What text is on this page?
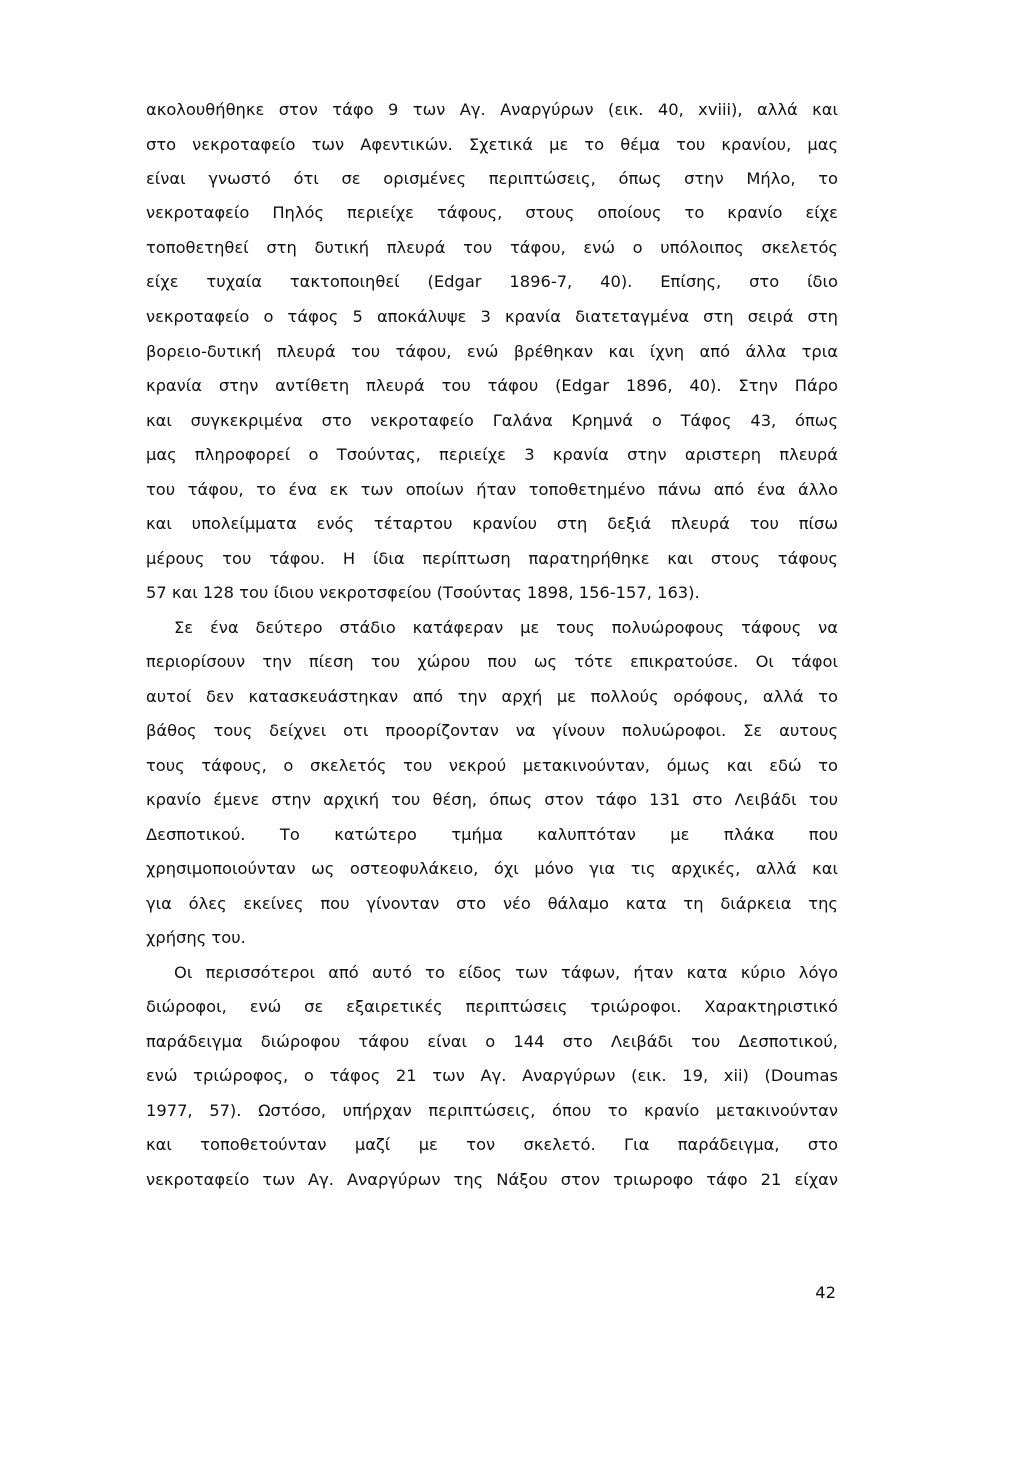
ακολουθήθηκε στον τάφο 9 των Αγ. Αναργύρων (εικ. 40, xviii), αλλά και
στο νεκροταφείο των Αφεντικών. Σχετικά με το θέμα του κρανίου, μας
είναι γνωστό ότι σε ορισμένες περιπτώσεις, όπως στην Μήλο, το
νεκροταφείο Πηλός περιείχε τάφους, στους οποίους το κρανίο είχε
τοποθετηθεί στη δυτική πλευρά του τάφου, ενώ ο υπόλοιπος σκελετός
είχε τυχαία τακτοποιηθεί (Edgar 1896-7, 40). Επίσης, στο ίδιο
νεκροταφείο ο τάφος 5 αποκάλυψε 3 κρανία διατεταγμένα στη σειρά στη
βορειο-δυτική πλευρά του τάφου, ενώ βρέθηκαν και ίχνη από άλλα τρια
κρανία στην αντίθετη πλευρά του τάφου (Edgar 1896, 40). Στην Πάρο
και συγκεκριμένα στο νεκροταφείο Γαλάνα Κρημνά ο Τάφος 43, όπως
μας πληροφορεί ο Τσούντας, περιείχε 3 κρανία στην αριστερη πλευρά
του τάφου, το ένα εκ των οποίων ήταν τοποθετημένο πάνω από ένα άλλο
και υπολείμματα ενός τέταρτου κρανίου στη δεξιά πλευρά του πίσω
μέρους του τάφου. Η ίδια περίπτωση παρατηρήθηκε και στους τάφους
57 και 128 του ίδιου νεκροτσφείου (Τσούντας 1898, 156-157, 163).
Σε ένα δεύτερο στάδιο κατάφεραν με τους πολυώροφους τάφους να
περιορίσουν την πίεση του χώρου που ως τότε επικρατούσε. Οι τάφοι
αυτοί δεν κατασκευάστηκαν από την αρχή με πολλούς ορόφους, αλλά το
βάθος τους δείχνει οτι προορίζονταν να γίνουν πολυώροφοι. Σε αυτους
τους τάφους, ο σκελετός του νεκρού μετακινούνταν, όμως και εδώ το
κρανίο έμενε στην αρχική του θέση, όπως στον τάφο 131 στο Λειβάδι του
Δεσποτικού. Το κατώτερο τμήμα καλυπτόταν με πλάκα που
χρησιμοποιούνταν ως οστεοφυλάκειο, όχι μόνο για τις αρχικές, αλλά και
για όλες εκείνες που γίνονταν στο νέο θάλαμο κατα τη διάρκεια της
χρήσης του.
Οι περισσότεροι από αυτό το είδος των τάφων, ήταν κατα κύριο λόγο
διώροφοι, ενώ σε εξαιρετικές περιπτώσεις τριώροφοι. Χαρακτηριστικό
παράδειγμα διώροφου τάφου είναι ο 144 στο Λειβάδι του Δεσποτικού,
ενώ τριώροφος, ο τάφος 21 των Αγ. Αναργύρων (εικ. 19, xii) (Doumas
1977, 57). Ωστόσο, υπήρχαν περιπτώσεις, όπου το κρανίο μετακινούνταν
και τοποθετούνταν μαζί με τον σκελετό. Για παράδειγμα, στο
νεκροταφείο των Αγ. Αναργύρων της Νάξου στον τριωροφο τάφο 21 είχαν
42
